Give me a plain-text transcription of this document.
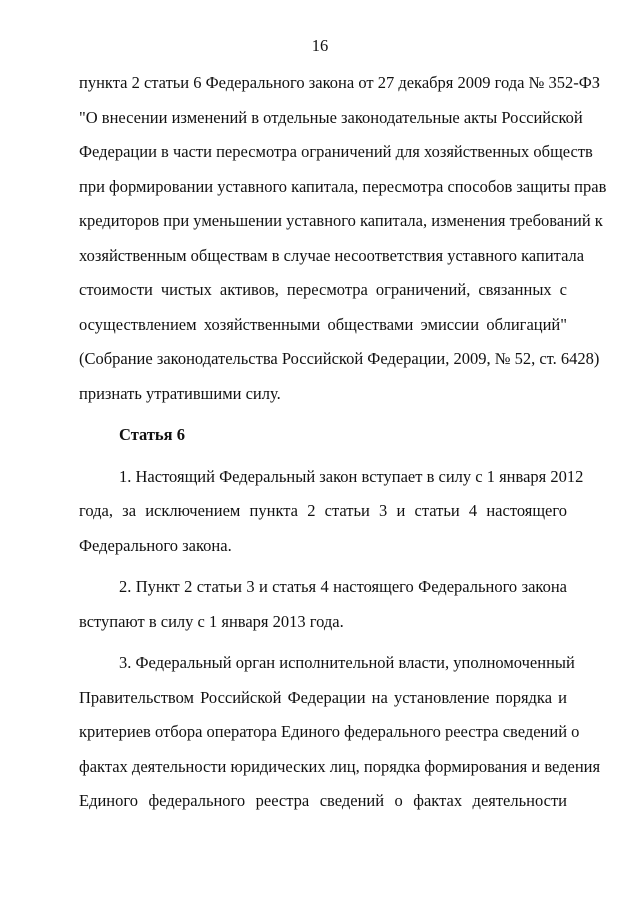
16
пункта 2 статьи 6 Федерального закона от 27 декабря 2009 года № 352-ФЗ
"О внесении изменений в отдельные законодательные акты Российской
Федерации в части пересмотра ограничений для хозяйственных обществ
при формировании уставного капитала, пересмотра способов защиты прав
кредиторов при уменьшении уставного капитала, изменения требований к
хозяйственным обществам в случае несоответствия уставного капитала
стоимости чистых активов, пересмотра ограничений, связанных с
осуществлением хозяйственными обществами эмиссии облигаций"
(Собрание законодательства Российской Федерации, 2009, № 52, ст. 6428)
признать утратившими силу.
Статья 6
1. Настоящий Федеральный закон вступает в силу с 1 января 2012
года, за исключением пункта 2 статьи 3 и статьи 4 настоящего
Федерального закона.
2. Пункт 2 статьи 3 и статья 4 настоящего Федерального закона
вступают в силу с 1 января 2013 года.
3. Федеральный орган исполнительной власти, уполномоченный
Правительством Российской Федерации на установление порядка и
критериев отбора оператора Единого федерального реестра сведений о
фактах деятельности юридических лиц, порядка формирования и ведения
Единого федерального реестра сведений о фактах деятельности
